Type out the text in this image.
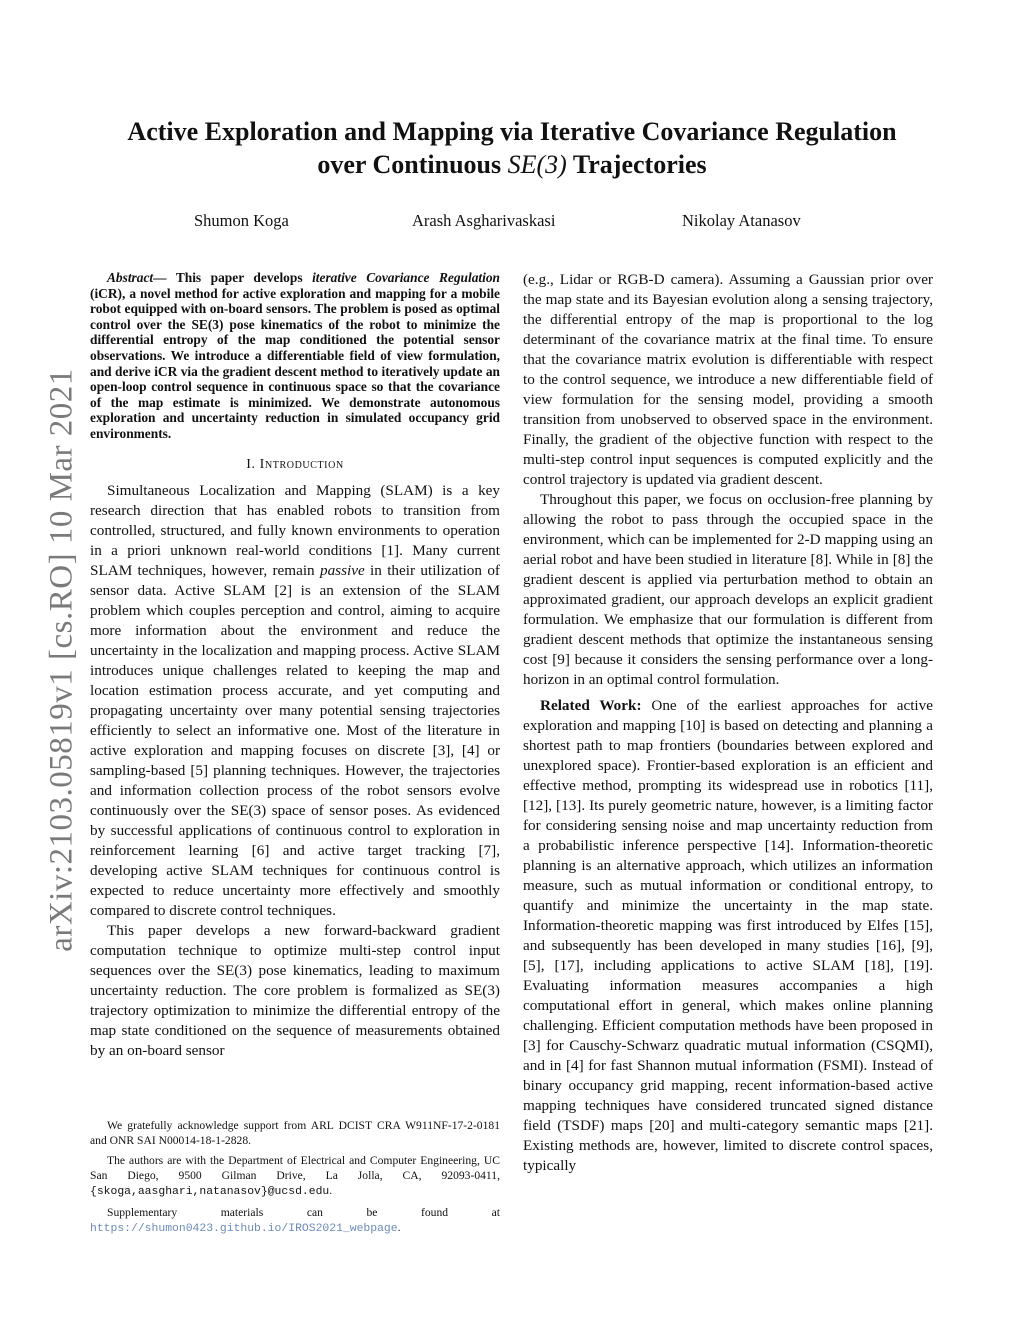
arXiv:2103.05819v1 [cs.RO] 10 Mar 2021
Active Exploration and Mapping via Iterative Covariance Regulation
over Continuous SE(3) Trajectories
Shumon Koga	Arash Asgharivaskasi	Nikolay Atanasov

Abstract— This paper develops iterative Covariance Regulation (iCR), a novel method for active exploration and mapping for a mobile robot equipped with on-board sensors. The problem is posed as optimal control over the SE(3) pose kinematics of the robot to minimize the differential entropy of the map conditioned the potential sensor observations. We introduce a differentiable field of view formulation, and derive iCR via the gradient descent method to iteratively update an open-loop control sequence in continuous space so that the covariance of the map estimate is minimized. We demonstrate autonomous exploration and uncertainty reduction in simulated occupancy grid environments.

I. Introduction

Simultaneous Localization and Mapping (SLAM) is a key research direction that has enabled robots to transition from controlled, structured, and fully known environments to operation in a priori unknown real-world conditions [1]. Many current SLAM techniques, however, remain passive in their utilization of sensor data. Active SLAM [2] is an extension of the SLAM problem which couples perception and control, aiming to acquire more information about the environment and reduce the uncertainty in the localization and mapping process. Active SLAM introduces unique challenges related to keeping the map and location estimation process accurate, and yet computing and propagating uncertainty over many potential sensing trajectories efficiently to select an informative one. Most of the literature in active exploration and mapping focuses on discrete [3], [4] or sampling-based [5] planning techniques. However, the trajectories and information collection process of the robot sensors evolve continuously over the SE(3) space of sensor poses. As evidenced by successful applications of continuous control to exploration in reinforcement learning [6] and active target tracking [7], developing active SLAM techniques for continuous control is expected to reduce uncertainty more effectively and smoothly compared to discrete control techniques.

This paper develops a new forward-backward gradient computation technique to optimize multi-step control input sequences over the SE(3) pose kinematics, leading to maximum uncertainty reduction. The core problem is formalized as SE(3) trajectory optimization to minimize the differential entropy of the map state conditioned on the sequence of measurements obtained by an on-board sensor

(e.g., Lidar or RGB-D camera). Assuming a Gaussian prior over the map state and its Bayesian evolution along a sensing trajectory, the differential entropy of the map is proportional to the log determinant of the covariance matrix at the final time. To ensure that the covariance matrix evolution is differentiable with respect to the control sequence, we introduce a new differentiable field of view formulation for the sensing model, providing a smooth transition from unobserved to observed space in the environment. Finally, the gradient of the objective function with respect to the multi-step control input sequences is computed explicitly and the control trajectory is updated via gradient descent.

Throughout this paper, we focus on occlusion-free planning by allowing the robot to pass through the occupied space in the environment, which can be implemented for 2-D mapping using an aerial robot and have been studied in literature [8]. While in [8] the gradient descent is applied via perturbation method to obtain an approximated gradient, our approach develops an explicit gradient formulation. We emphasize that our formulation is different from gradient descent methods that optimize the instantaneous sensing cost [9] because it considers the sensing performance over a long-horizon in an optimal control formulation.

Related Work: One of the earliest approaches for active exploration and mapping [10] is based on detecting and planning a shortest path to map frontiers (boundaries between explored and unexplored space). Frontier-based exploration is an efficient and effective method, prompting its widespread use in robotics [11], [12], [13]. Its purely geometric nature, however, is a limiting factor for considering sensing noise and map uncertainty reduction from a probabilistic inference perspective [14]. Information-theoretic planning is an alternative approach, which utilizes an information measure, such as mutual information or conditional entropy, to quantify and minimize the uncertainty in the map state. Information-theoretic mapping was first introduced by Elfes [15], and subsequently has been developed in many studies [16], [9], [5], [17], including applications to active SLAM [18], [19]. Evaluating information measures accompanies a high computational effort in general, which makes online planning challenging. Efficient computation methods have been proposed in [3] for Causchy-Schwarz quadratic mutual information (CSQMI), and in [4] for fast Shannon mutual information (FSMI). Instead of binary occupancy grid mapping, recent information-based active mapping techniques have considered truncated signed distance field (TSDF) maps [20] and multi-category semantic maps [21]. Existing methods are, however, limited to discrete control spaces, typically

We gratefully acknowledge support from ARL DCIST CRA W911NF-17-2-0181 and ONR SAI N00014-18-1-2828.

The authors are with the Department of Electrical and Computer Engineering, UC San Diego, 9500 Gilman Drive, La Jolla, CA, 92093-0411, {skoga,aasghari,natanasov}@ucsd.edu.

Supplementary materials can be found at https://shumon0423.github.io/IROS2021_webpage.
